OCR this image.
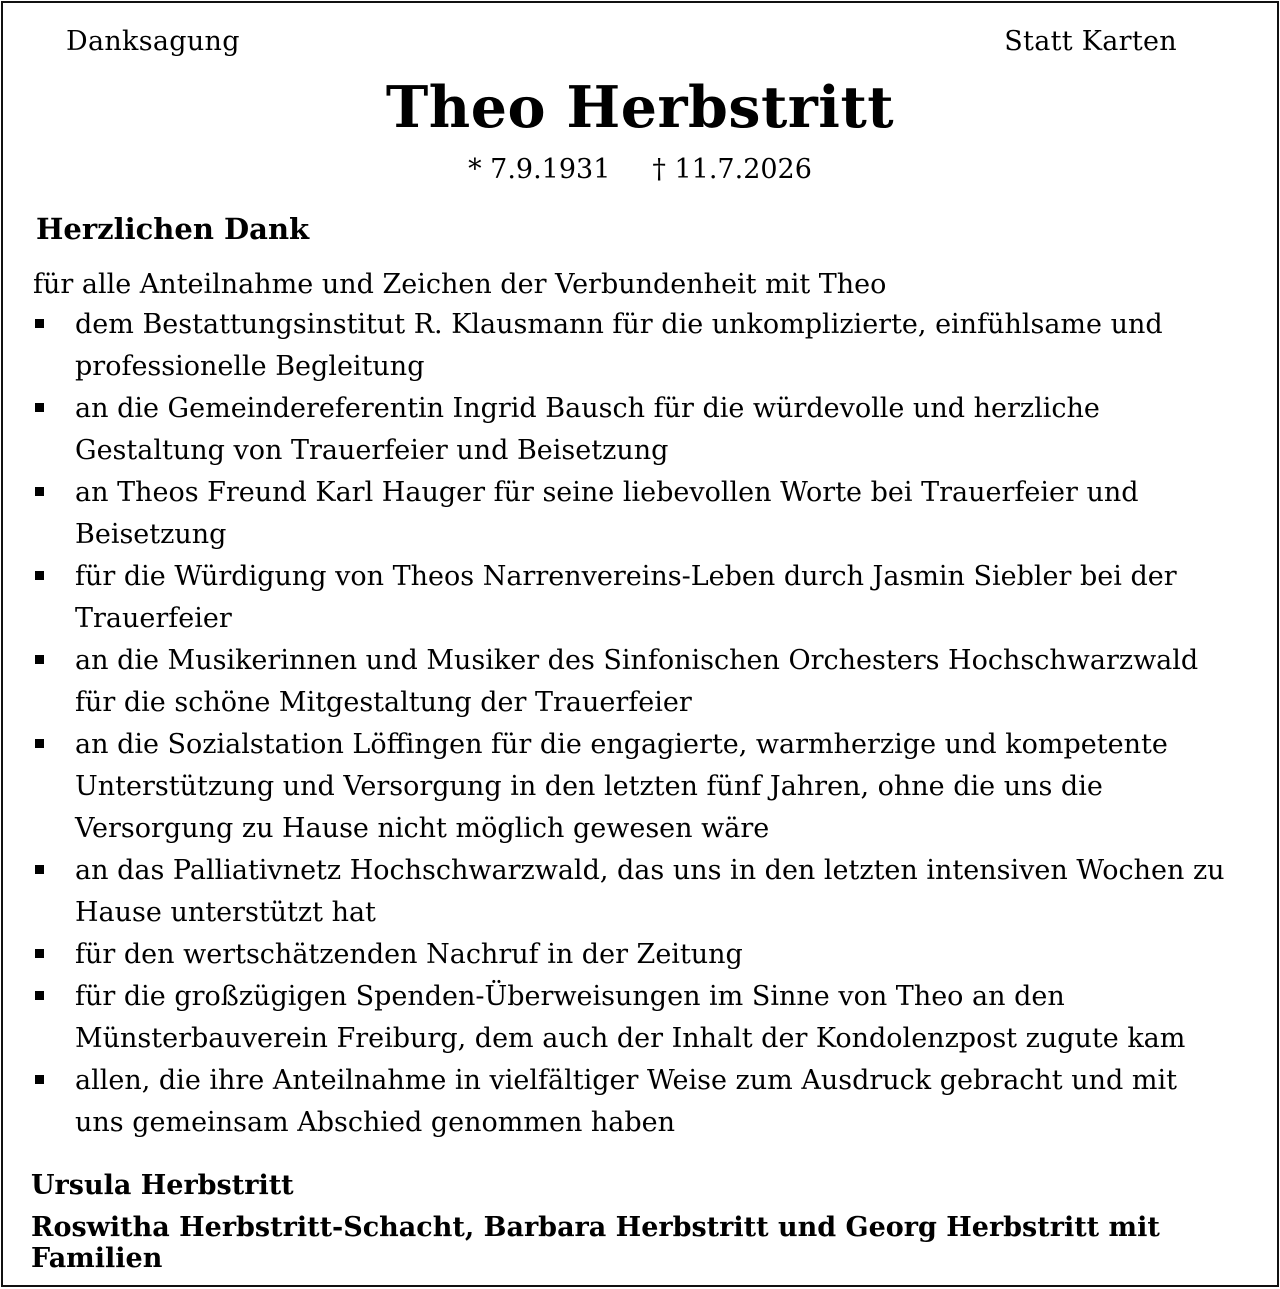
Danksagung	Statt Karten
Theo Herbstritt
* 7.9.1931 † 11.7.2026
Herzlichen Dank
für alle Anteilnahme und Zeichen der Verbundenheit mit Theo
dem Bestattungsinstitut R. Klausmann für die unkomplizierte, einfühlsame und professionelle Begleitung
an die Gemeindereferentin Ingrid Bausch für die würdevolle und herzliche Gestaltung von Trauerfeier und Beisetzung
an Theos Freund Karl Hauger für seine liebevollen Worte bei Trauerfeier und Beisetzung
für die Würdigung von Theos Narrenvereins-Leben durch Jasmin Siebler bei der Trauerfeier
an die Musikerinnen und Musiker des Sinfonischen Orchesters Hochschwarzwald für die schöne Mitgestaltung der Trauerfeier
an die Sozialstation Löffingen für die engagierte, warmherzige und kompetente Unterstützung und Versorgung in den letzten fünf Jahren, ohne die uns die Versorgung zu Hause nicht möglich gewesen wäre
an das Palliativnetz Hochschwarzwald, das uns in den letzten intensiven Wochen zu Hause unterstützt hat
für den wertschätzenden Nachruf in der Zeitung
für die großzügigen Spenden-Überweisungen im Sinne von Theo an den Münsterbauverein Freiburg, dem auch der Inhalt der Kondolenzpost zugute kam
allen, die ihre Anteilnahme in vielfältiger Weise zum Ausdruck gebracht und mit uns gemeinsam Abschied genommen haben
Ursula Herbstritt
Roswitha Herbstritt-Schacht, Barbara Herbstritt und Georg Herbstritt mit Familien
